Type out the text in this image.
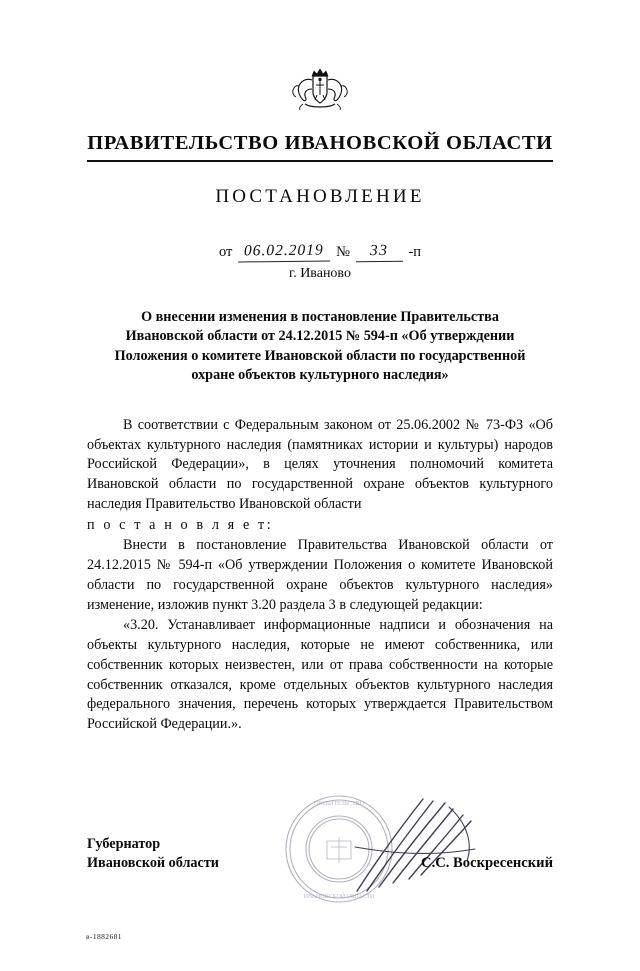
ПРАВИТЕЛЬСТВО ИВАНОВСКОЙ ОБЛАСТИ
ПОСТАНОВЛЕНИЕ
от 06.02.2019 №	33	-п
г. Иваново
О внесении изменения в постановление Правительства Ивановской области от 24.12.2015 № 594-п «Об утверждении Положения о комитете Ивановской области по государственной охране объектов культурного наследия»

В соответствии с Федеральным законом от 25.06.2002 № 73-ФЗ «Об объектах культурного наследия (памятниках истории и культуры) народов Российской Федерации», в целях уточнения полномочий комитета Ивановской области по государственной охране объектов культурного наследия Правительство Ивановской области

п о с т а н о в л я е т:

Внести в постановление Правительства Ивановской области от 24.12.2015 № 594-п «Об утверждении Положения о комитете Ивановской области по государственной охране объектов культурного наследия» изменение, изложив пункт 3.20 раздела 3 в следующей редакции:

«3.20. Устанавливает информационные надписи и обозначения на объекты культурного наследия, которые не имеют собственника, или собственник которых неизвестен, или от права собственности на которые собственник отказался, кроме отдельных объектов культурного наследия федерального значения, перечень которых утверждается Правительством Российской Федерации.».

ПРАВИТЕЛЬСТВО
ИВАНОВСКОЙ ОБЛАСТИ
Губернатор
Ивановской области	С.С. Воскресенский
в-1882681
